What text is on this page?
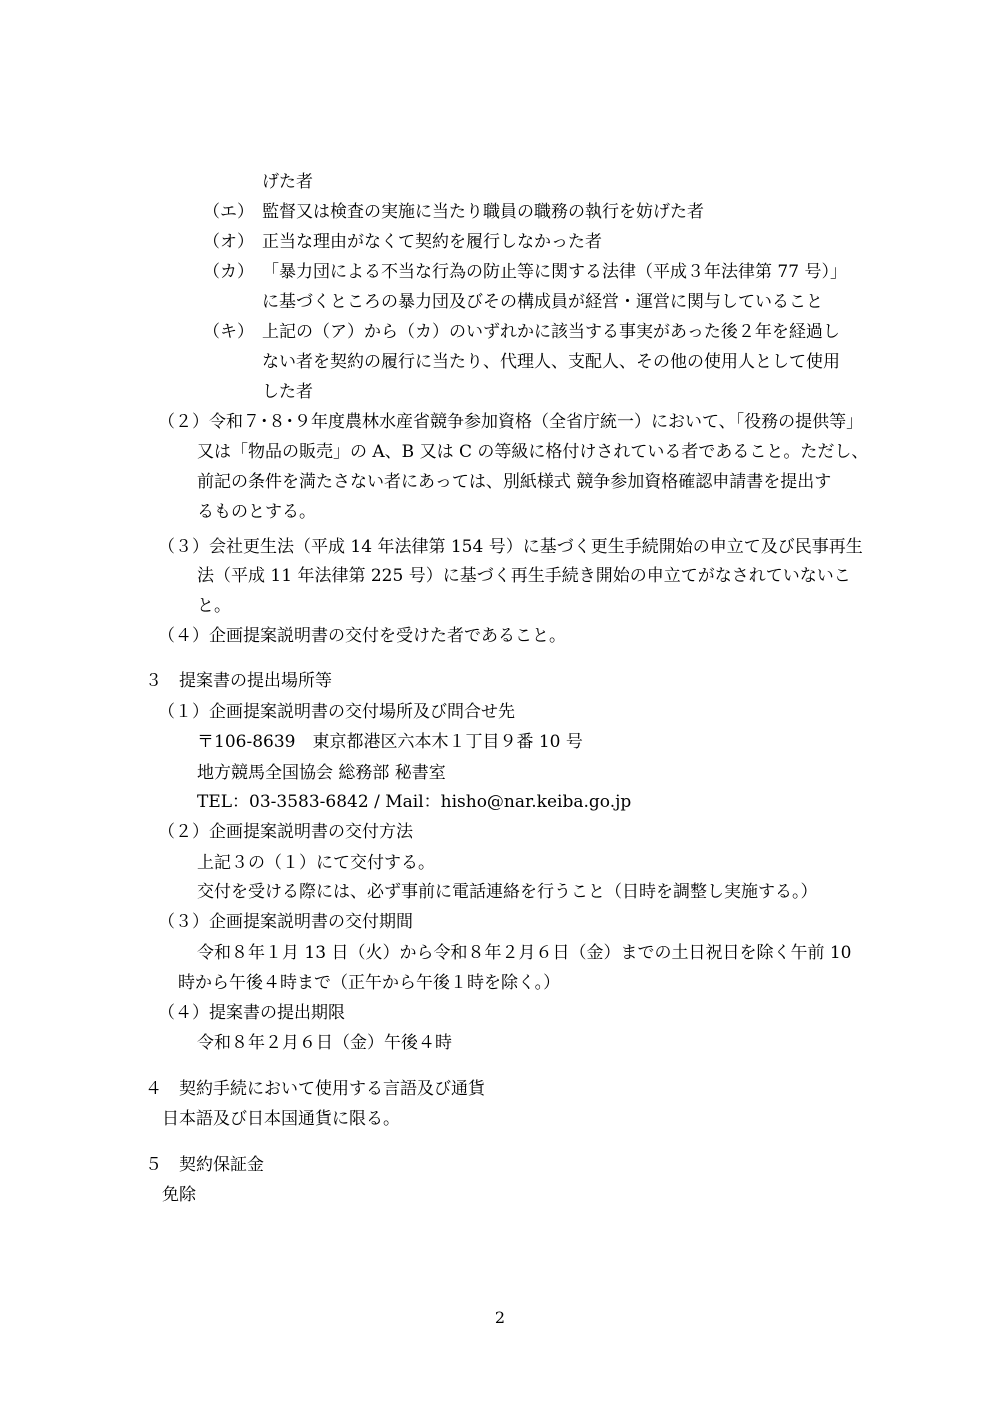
げた者
（エ） 監督又は検査の実施に当たり職員の職務の執行を妨げた者
（オ） 正当な理由がなくて契約を履行しなかった者
（カ） 「暴力団による不当な行為の防止等に関する法律（平成３年法律第 77 号）」
に基づくところの暴力団及びその構成員が経営・運営に関与していること
（キ） 上記の（ア）から（カ）のいずれかに該当する事実があった後２年を経過し
ない者を契約の履行に当たり、代理人、支配人、その他の使用人として使用
した者
（２）令和７･８･９年度農林水産省競争参加資格（全省庁統一）において、「役務の提供等」
又は「物品の販売」の A、B 又は C の等級に格付けされている者であること。ただし、
前記の条件を満たさない者にあっては、別紙様式 競争参加資格確認申請書を提出す
るものとする。
（３）会社更生法（平成 14 年法律第 154 号）に基づく更生手続開始の申立て及び民事再生
法（平成 11 年法律第 225 号）に基づく再生手続き開始の申立てがなされていないこ
と。
（４）企画提案説明書の交付を受けた者であること。
３　提案書の提出場所等
（１）企画提案説明書の交付場所及び問合せ先
〒106-8639　東京都港区六本木１丁目９番 10 号
地方競馬全国協会 総務部 秘書室
TEL：03-3583-6842 / Mail：hisho@nar.keiba.go.jp
（２）企画提案説明書の交付方法
上記３の（１）にて交付する。
交付を受ける際には、必ず事前に電話連絡を行うこと（日時を調整し実施する。）
（３）企画提案説明書の交付期間
令和８年１月 13 日（火）から令和８年２月６日（金）までの土日祝日を除く午前 10
時から午後４時まで（正午から午後１時を除く。）
（４）提案書の提出期限
令和８年２月６日（金）午後４時
４　契約手続において使用する言語及び通貨
日本語及び日本国通貨に限る。
５　契約保証金
免除
2
